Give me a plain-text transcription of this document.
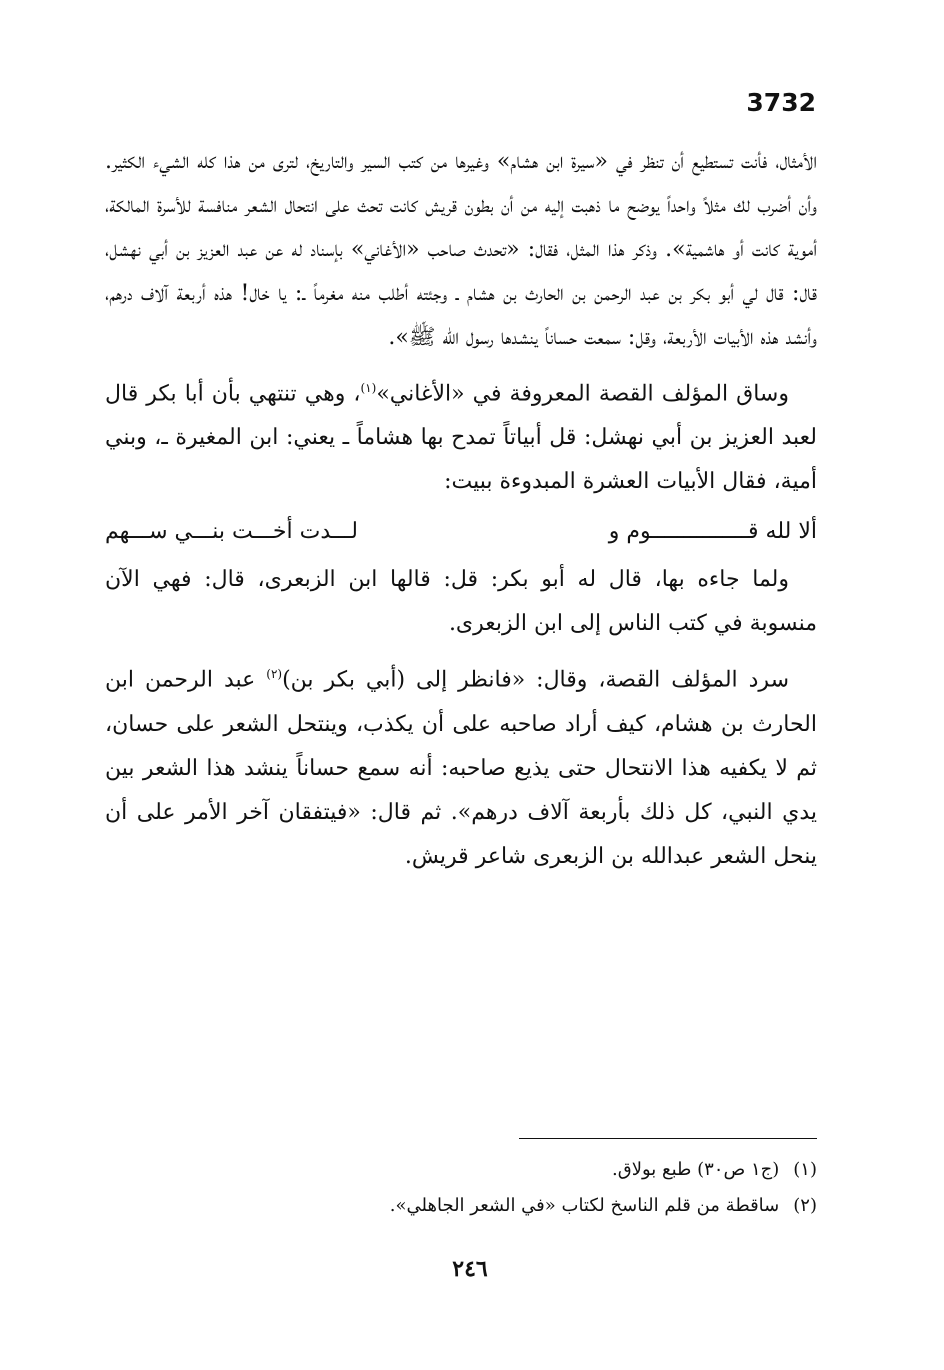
3732

الأمثال، فأنت تستطيع أن تنظر في «سيرة ابن هشام» وغيرها من كتب السير والتاريخ، لترى من هذا كله الشيء الكثير. وأن أضرب لك مثلاً واحداً يوضح ما ذهبت إليه من أن بطون قريش كانت تحث على انتحال الشعر منافسة للأسرة المالكة، أموية كانت أو هاشمية». وذكر هذا المثل، فقال: «تحدث صاحب «الأغاني» بإسناد له عن عبد العزيز بن أبي نهشل، قال: قال لي أبو بكر بن عبد الرحمن بن الحارث بن هشام ـ وجئته أطلب منه مغرماً ـ: يا خال! هذه أربعة آلاف درهم، وأنشد هذه الأبيات الأربعة، وقل: سمعت حساناً ينشدها رسول الله ﷺ».

وساق المؤلف القصة المعروفة في «الأغاني»$^{(١)}$، وهي تنتهي بأن أبا بكر قال لعبد العزيز بن أبي نهشل: قل أبياتاً تمدح بها هشاماً ـ يعني: ابن المغيرة ـ، وبني أمية، فقال الأبيات العشرة المبدوءة ببيت:

ألا لله قـــــــــــــــوم و
لـــدت أخـــت بنـــي ســـهم

ولما جاءه بها، قال له أبو بكر: قل: قالها ابن الزبعرى، قال: فهي الآن منسوبة في كتب الناس إلى ابن الزبعرى.

سرد المؤلف القصة، وقال: «فانظر إلى (أبي بكر بن)$^{(٢)}$ عبد الرحمن ابن الحارث بن هشام، كيف أراد صاحبه على أن يكذب، وينتحل الشعر على حسان، ثم لا يكفيه هذا الانتحال حتى يذيع صاحبه: أنه سمع حساناً ينشد هذا الشعر بين يدي النبي، كل ذلك بأربعة آلاف درهم». ثم قال: «فيتفقان آخر الأمر على أن ينحل الشعر عبدالله بن الزبعرى شاعر قريش.

(١)
(ج١ ص٣٠) طبع بولاق.
(٢)
ساقطة من قلم الناسخ لكتاب «في الشعر الجاهلي».
٢٤٦
